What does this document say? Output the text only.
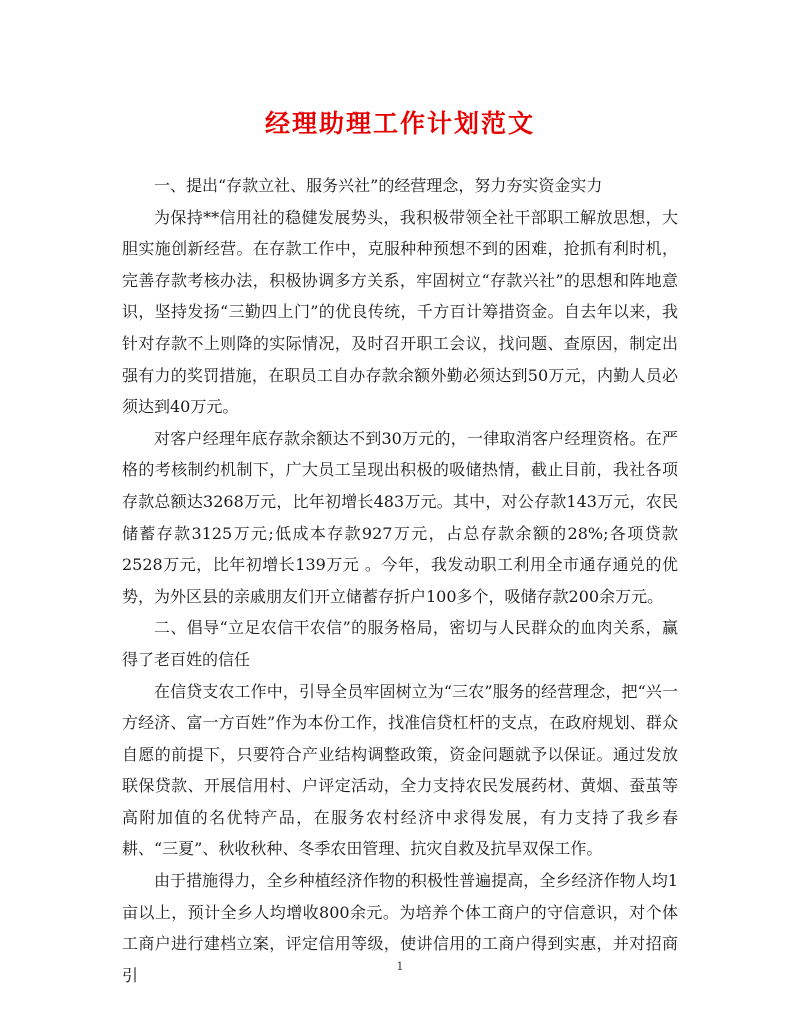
经理助理工作计划范文

一、提出“存款立社、服务兴社”的经营理念，努力夯实资金实力

为保持**信用社的稳健发展势头，我积极带领全社干部职工解放思想，大胆实施创新经营。在存款工作中，克服种种预想不到的困难，抢抓有利时机，完善存款考核办法，积极协调多方关系，牢固树立“存款兴社”的思想和阵地意识，坚持发扬“三勤四上门”的优良传统，千方百计筹措资金。自去年以来，我针对存款不上则降的实际情况，及时召开职工会议，找问题、查原因，制定出强有力的奖罚措施，在职员工自办存款余额外勤必须达到50万元，内勤人员必须达到40万元。

对客户经理年底存款余额达不到30万元的，一律取消客户经理资格。在严格的考核制约机制下，广大员工呈现出积极的吸储热情，截止目前，我社各项存款总额达3268万元，比年初增长483万元。其中，对公存款143万元，农民储蓄存款3125万元;低成本存款927万元，占总存款余额的28%;各项贷款2528万元，比年初增长139万元 。今年，我发动职工利用全市通存通兑的优势，为外区县的亲戚朋友们开立储蓄存折户100多个，吸储存款200余万元。

二、倡导“立足农信干农信”的服务格局，密切与人民群众的血肉关系，赢得了老百姓的信任

在信贷支农工作中，引导全员牢固树立为“三农”服务的经营理念，把“兴一方经济、富一方百姓”作为本份工作，找准信贷杠杆的支点，在政府规划、群众自愿的前提下，只要符合产业结构调整政策，资金问题就予以保证。通过发放联保贷款、开展信用村、户评定活动，全力支持农民发展药材、黄烟、蚕茧等高附加值的名优特产品，在服务农村经济中求得发展，有力支持了我乡春耕、“三夏”、秋收秋种、冬季农田管理、抗灾自救及抗旱双保工作。

由于措施得力，全乡种植经济作物的积极性普遍提高，全乡经济作物人均1亩以上，预计全乡人均增收800余元。为培养个体工商户的守信意识，对个体工商户进行建档立案，评定信用等级，使讲信用的工商户得到实惠，并对招商引	1
